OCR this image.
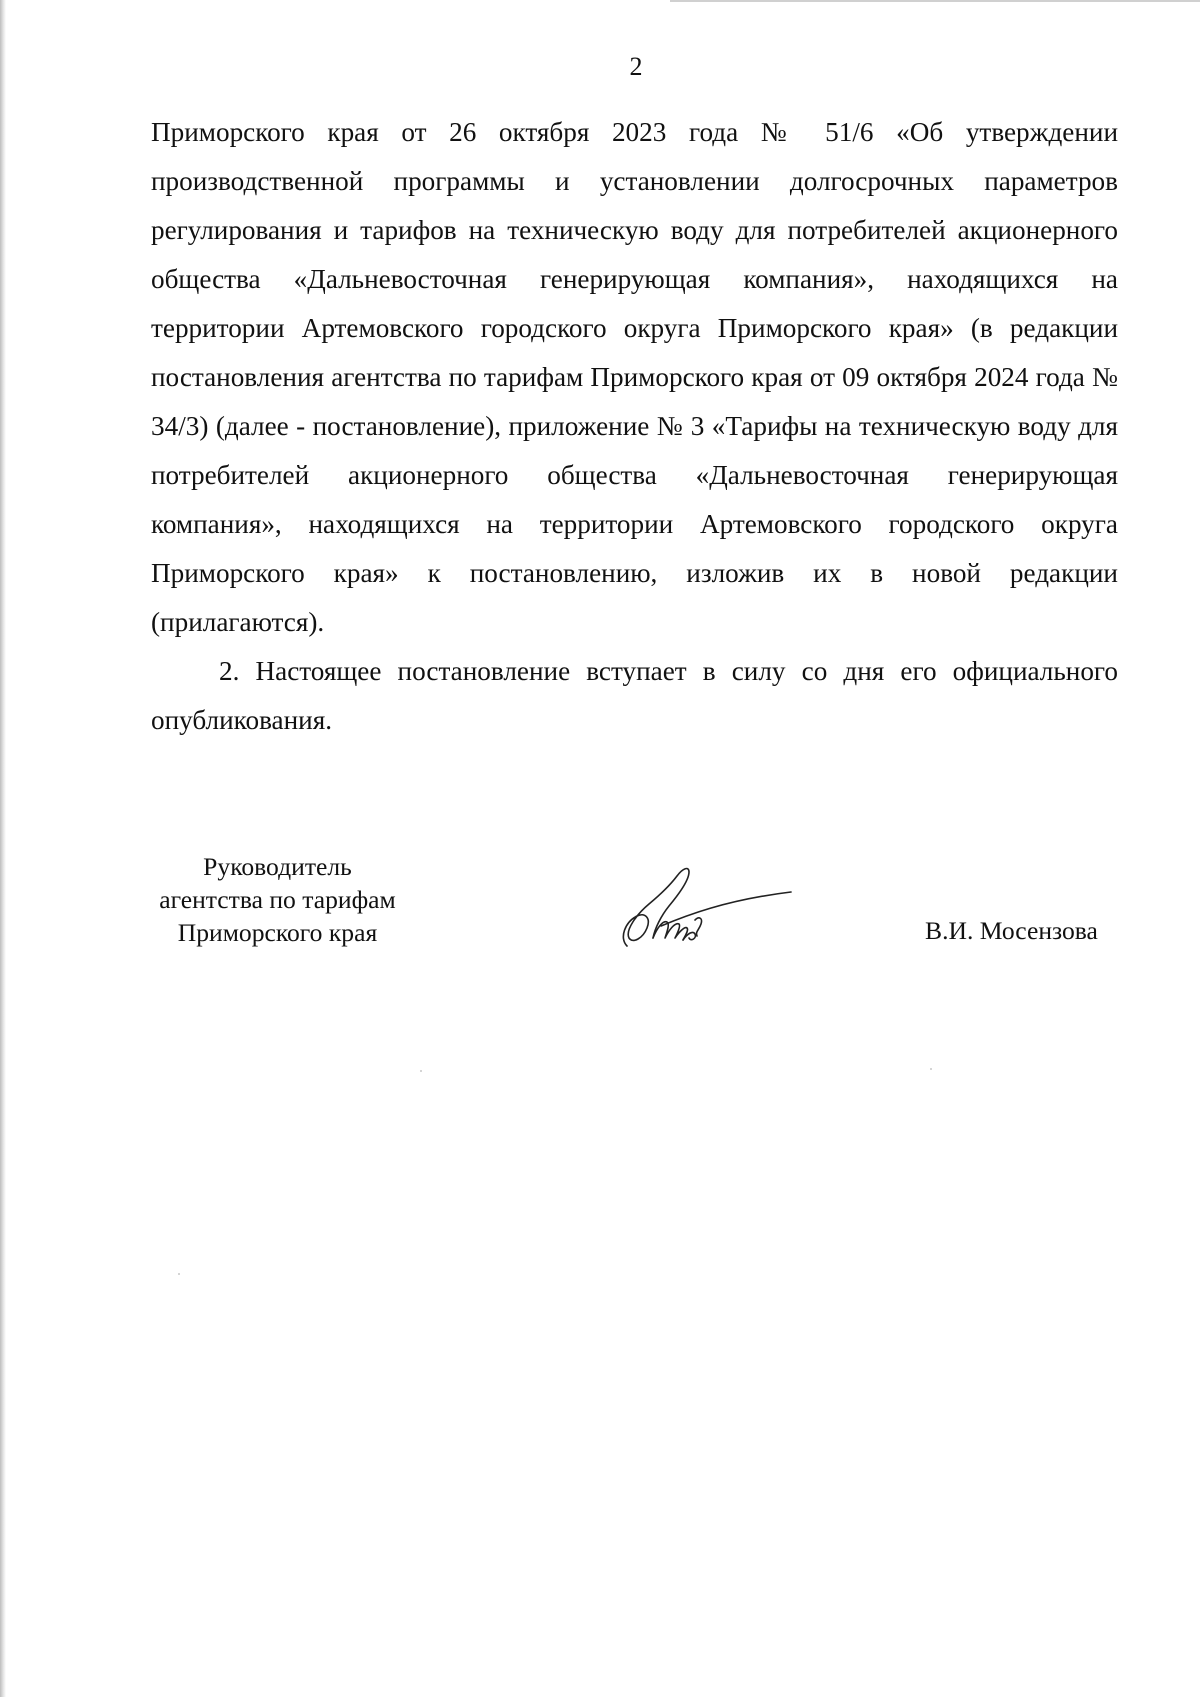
2

Приморского края от 26 октября 2023 года № 51/6 «Об утверждении производственной программы и установлении долгосрочных параметров регулирования и тарифов на техническую воду для потребителей акционерного общества «Дальневосточная генерирующая компания», находящихся на территории Артемовского городского округа Приморского края» (в редакции постановления агентства по тарифам Приморского края от 09 октября 2024 года № 34/3) (далее - постановление), приложение № 3 «Тарифы на техническую воду для потребителей акционерного общества «Дальневосточная генерирующая компания», находящихся на территории Артемовского городского округа Приморского края» к постановлению, изложив их в новой редакции (прилагаются).

2. Настоящее постановление вступает в силу со дня его официального опубликования.

Руководитель
агентства по тарифам
Приморского края	В.И. Мосензова
